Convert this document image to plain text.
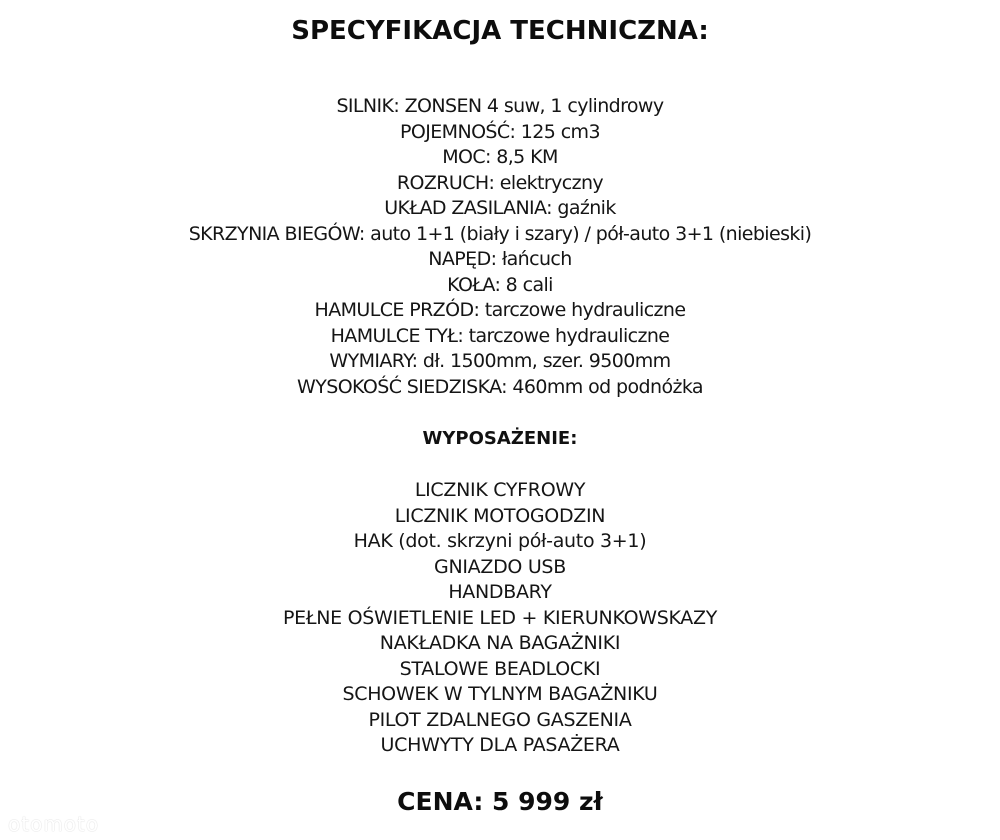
SPECYFIKACJA TECHNICZNA:
SILNIK: ZONSEN 4 suw, 1 cylindrowy
POJEMNOŚĆ: 125 cm3
MOC: 8,5 KM
ROZRUCH: elektryczny
UKŁAD ZASILANIA: gaźnik
SKRZYNIA BIEGÓW: auto 1+1 (biały i szary) / pół-auto 3+1 (niebieski)
NAPĘD: łańcuch
KOŁA: 8 cali
HAMULCE PRZÓD: tarczowe hydrauliczne
HAMULCE TYŁ: tarczowe hydrauliczne
WYMIARY: dł. 1500mm, szer. 9500mm
WYSOKOŚĆ SIEDZISKA: 460mm od podnóżka
WYPOSAŻENIE:
LICZNIK CYFROWY
LICZNIK MOTOGODZIN
HAK (dot. skrzyni pół-auto 3+1)
GNIAZDO USB
HANDBARY
PEŁNE OŚWIETLENIE LED + KIERUNKOWSKAZY
NAKŁADKA NA BAGAŻNIKI
STALOWE BEADLOCKI
SCHOWEK W TYLNYM BAGAŻNIKU
PILOT ZDALNEGO GASZENIA
UCHWYTY DLA PASAŻERA
CENA: 5 999 zł
otomoto
